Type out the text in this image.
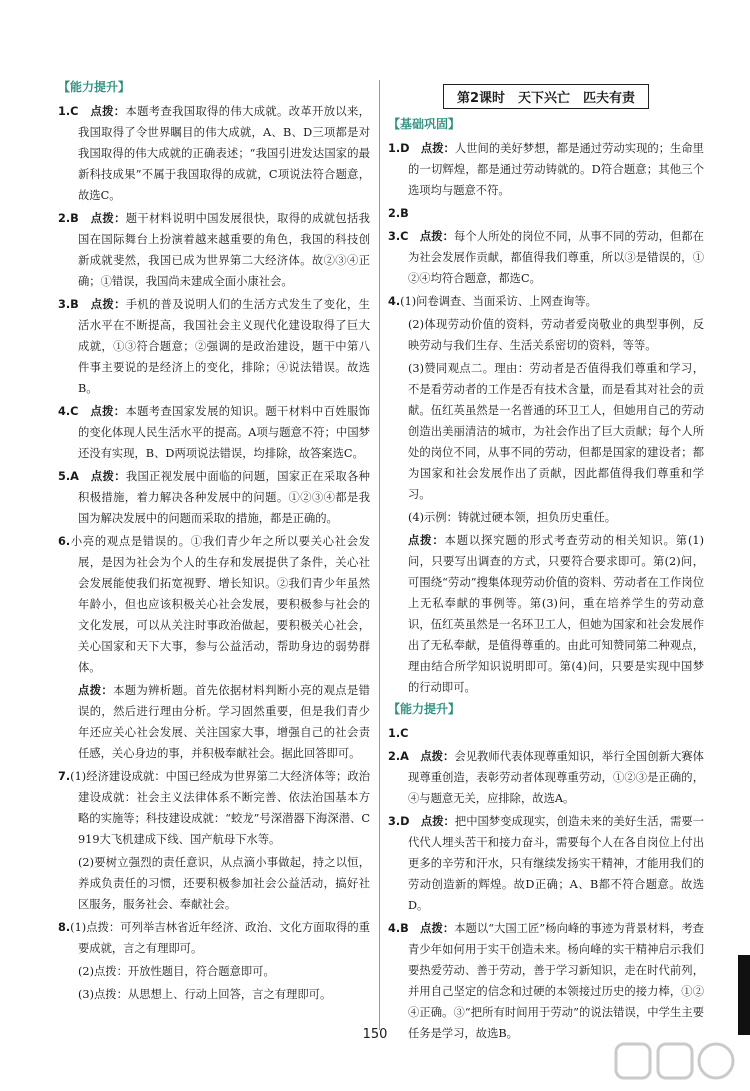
【能力提升】
1.C　 点拨：本题考查我国取得的伟大成就。改革开放以来，我国取得了令世界瞩目的伟大成就，A、B、D三项都是对我国取得的伟大成就的正确表述；“我国引进发达国家的最新科技成果”不属于我国取得的成就，C项说法符合题意，故选C。
2.B　 点拨：题干材料说明中国发展很快，取得的成就包括我国在国际舞台上扮演着越来越重要的角色，我国的科技创新成就斐然，我国已成为世界第二大经济体。故②③④正确；①错误，我国尚未建成全面小康社会。
3.B　 点拨：手机的普及说明人们的生活方式发生了变化，生活水平在不断提高，我国社会主义现代化建设取得了巨大成就，①③符合题意；②强调的是政治建设，题干中第八件事主要说的是经济上的变化，排除；④说法错误。故选B。
4.C　 点拨：本题考查国家发展的知识。题干材料中百姓服饰的变化体现人民生活水平的提高。A项与题意不符；中国梦还没有实现，B、D两项说法错误，均排除，故答案选C。
5.A　 点拨：我国正视发展中面临的问题，国家正在采取各种积极措施，着力解决各种发展中的问题。①②③④都是我国为解决发展中的问题而采取的措施，都是正确的。
6.小亮的观点是错误的。①我们青少年之所以要关心社会发展，是因为社会为个人的生存和发展提供了条件，关心社会发展能使我们拓宽视野、增长知识。②我们青少年虽然年龄小，但也应该积极关心社会发展，要积极参与社会的文化发展，可以从关注时事政治做起，要积极关心社会，关心国家和天下大事，参与公益活动，帮助身边的弱势群体。
点拨：本题为辨析题。首先依据材料判断小亮的观点是错误的，然后进行理由分析。学习固然重要，但是我们青少年还应关心社会发展、关注国家大事，增强自己的社会责任感，关心身边的事，并积极奉献社会。据此回答即可。
7.(1)经济建设成就：中国已经成为世界第二大经济体等；政治建设成就：社会主义法律体系不断完善、依法治国基本方略的实施等；科技建设成就：“蛟龙”号深潜器下海深潜、C919大飞机建成下线、国产航母下水等。
(2)要树立强烈的责任意识，从点滴小事做起，持之以恒，养成负责任的习惯，还要积极参加社会公益活动，搞好社区服务，服务社会、奉献社会。
8.(1)点拨：可列举吉林省近年经济、政治、文化方面取得的重要成就，言之有理即可。
(2)点拨：开放性题目，符合题意即可。
(3)点拨：从思想上、行动上回答，言之有理即可。
第2课时　天下兴亡　匹夫有责
【基础巩固】
1.D　 点拨：人世间的美好梦想，都是通过劳动实现的；生命里的一切辉煌，都是通过劳动铸就的。D符合题意；其他三个选项均与题意不符。
2.B　
3.C　 点拨：每个人所处的岗位不同，从事不同的劳动，但都在为社会发展作贡献，都值得我们尊重，所以③是错误的，①②④均符合题意，都选C。
4.(1)问卷调查、当面采访、上网查询等。
(2)体现劳动价值的资料，劳动者爱岗敬业的典型事例，反映劳动与我们生存、生活关系密切的资料，等等。
(3)赞同观点二。理由：劳动者是否值得我们尊重和学习，不是看劳动者的工作是否有技术含量，而是看其对社会的贡献。伍红英虽然是一名普通的环卫工人，但她用自己的劳动创造出美丽清洁的城市，为社会作出了巨大贡献；每个人所处的岗位不同，从事不同的劳动，但都是国家的建设者；都为国家和社会发展作出了贡献，因此都值得我们尊重和学习。
(4)示例：铸就过硬本领，担负历史重任。
点拨：本题以探究题的形式考查劳动的相关知识。第(1)问，只要写出调查的方式，只要符合要求即可。第(2)问，可围绕“劳动”搜集体现劳动价值的资料、劳动者在工作岗位上无私奉献的事例等。第(3)问，重在培养学生的劳动意识，伍红英虽然是一名环卫工人，但她为国家和社会发展作出了无私奉献，是值得尊重的。由此可知赞同第二种观点，理由结合所学知识说明即可。第(4)问，只要是实现中国梦的行动即可。
【能力提升】
1.C　
2.A　 点拨：会见教师代表体现尊重知识，举行全国创新大赛体现尊重创造，表彰劳动者体现尊重劳动，①②③是正确的，④与题意无关，应排除，故选A。
3.D　 点拨：把中国梦变成现实，创造未来的美好生活，需要一代代人埋头苦干和接力奋斗，需要每个人在各自岗位上付出更多的辛劳和汗水，只有继续发扬实干精神，才能用我们的劳动创造新的辉煌。故D正确；A、B都不符合题意。故选D。
4.B　 点拨：本题以“大国工匠”杨向峰的事迹为背景材料，考查青少年如何用于实干创造未来。杨向峰的实干精神启示我们要热爱劳动、善于劳动，善于学习新知识，走在时代前列，并用自己坚定的信念和过硬的本领接过历史的接力棒，①②④正确。③“把所有时间用于劳动”的说法错误，中学生主要任务是学习，故选B。
150
